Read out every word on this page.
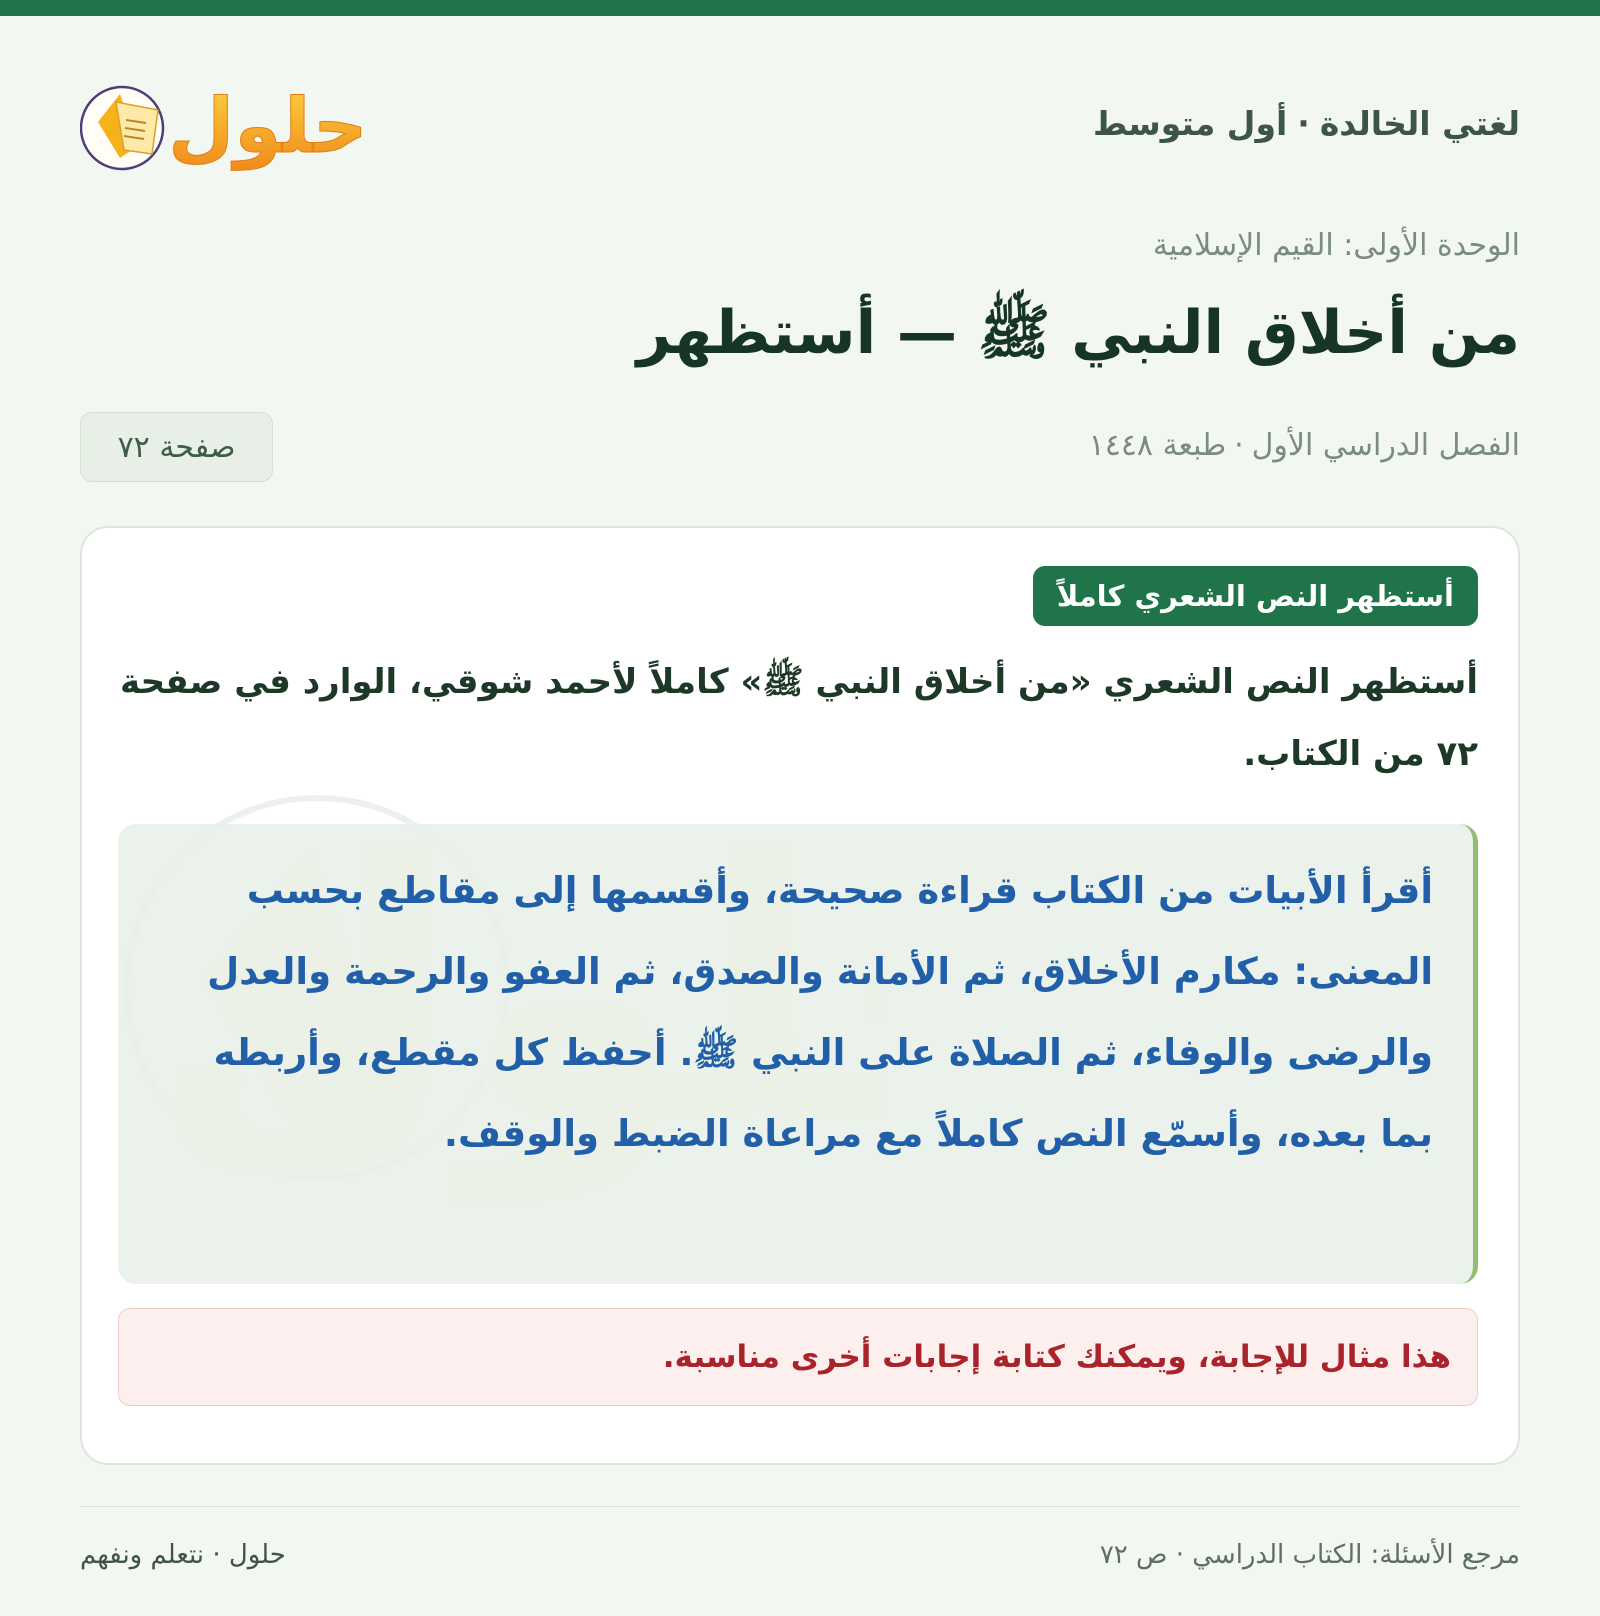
لغتي الخالدة·أول متوسط
حلول
الوحدة الأولى: القيم الإسلامية
من أخلاق النبي ﷺ — أستظهر
الفصل الدراسي الأول·طبعة ١٤٤٨
صفحة ٧٢
أستظهر النص الشعري كاملاً

أستظهر النص الشعري «من أخلاق النبي ﷺ» كاملاً لأحمد شوقي، الوارد في صفحة ٧٢ من الكتاب.

أقرأ الأبيات من الكتاب قراءة صحيحة، وأقسمها إلى مقاطع بحسب المعنى: مكارم الأخلاق، ثم الأمانة والصدق، ثم العفو والرحمة والعدل والرضى والوفاء، ثم الصلاة على النبي ﷺ. أحفظ كل مقطع، وأربطه بما بعده، وأسمّع النص كاملاً مع مراعاة الضبط والوقف.

هذا مثال للإجابة، ويمكنك كتابة إجابات أخرى مناسبة.
مرجع الأسئلة: الكتاب الدراسي · ص ٧٢
حلول · نتعلم ونفهم
